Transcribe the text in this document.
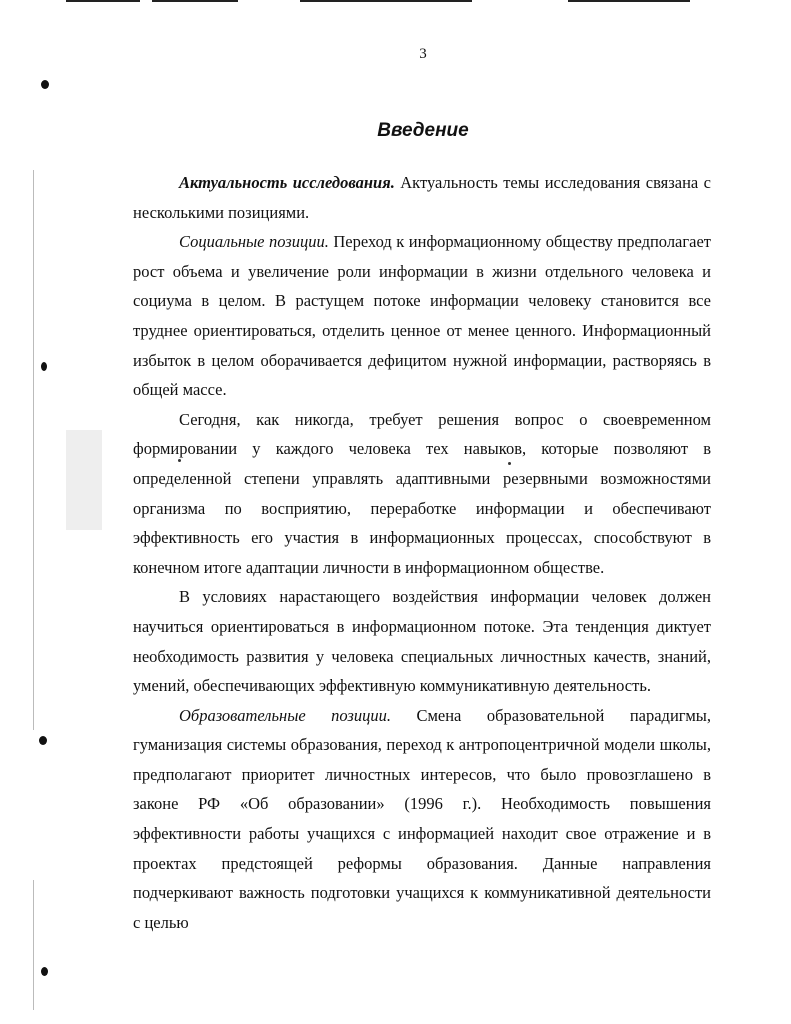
3
Введение

Актуальность исследования. Актуальность темы исследования связана с несколькими позициями.

Социальные позиции. Переход к информационному обществу предполагает рост объема и увеличение роли информации в жизни отдельного человека и социума в целом. В растущем потоке информации человеку становится все труднее ориентироваться, отделить ценное от менее ценного. Информационный избыток в целом оборачивается дефицитом нужной информации, растворяясь в общей массе.

Сегодня, как никогда, требует решения вопрос о своевременном формировании у каждого человека тех навыков, которые позволяют в определенной степени управлять адаптивными резервными возможностями организма по восприятию, переработке информации и обеспечивают эффективность его участия в информационных процессах, способствуют в конечном итоге адаптации личности в информационном обществе.

В условиях нарастающего воздействия информации человек должен научиться ориентироваться в информационном потоке. Эта тенденция диктует необходимость развития у человека специальных личностных качеств, знаний, умений, обеспечивающих эффективную коммуникативную деятельность.

Образовательные позиции. Смена образовательной парадигмы, гуманизация системы образования, переход к антропоцентричной модели школы, предполагают приоритет личностных интересов, что было провозглашено в законе РФ «Об образовании» (1996 г.). Необходимость повышения эффективности работы учащихся с информацией находит свое отражение и в проектах предстоящей реформы образования. Данные направления подчеркивают важность подготовки учащихся к коммуникативной деятельности с целью
